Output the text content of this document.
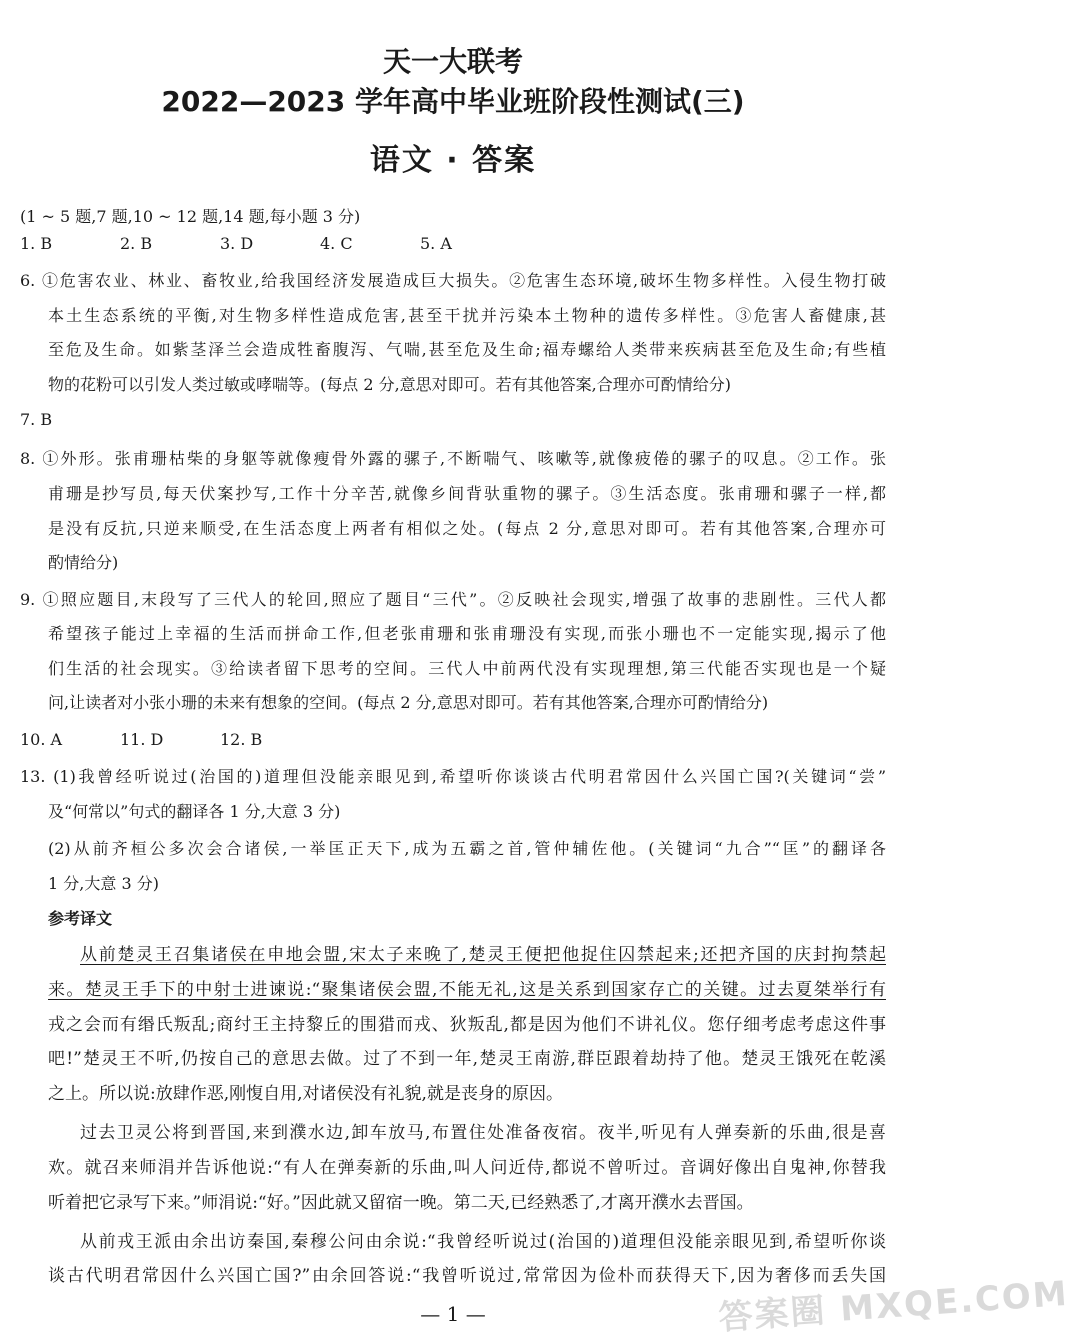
天一大联考
2022—2023 学年高中毕业班阶段性测试(三)
语文 · 答案
(1 ~ 5 题,7 题,10 ~ 12 题,14 题,每小题 3 分)
1. B	2. B	3. D	4. C	5. A
6. ①危害农业、林业、畜牧业,给我国经济发展造成巨大损失。②危害生态环境,破坏生物多样性。入侵生物打破
本土生态系统的平衡,对生物多样性造成危害,甚至干扰并污染本土物种的遗传多样性。③危害人畜健康,甚
至危及生命。如紫茎泽兰会造成牲畜腹泻、气喘,甚至危及生命;福寿螺给人类带来疾病甚至危及生命;有些植
物的花粉可以引发人类过敏或哮喘等。(每点 2 分,意思对即可。若有其他答案,合理亦可酌情给分)
7. B
8. ①外形。张甫珊枯柴的身躯等就像瘦骨外露的骡子,不断喘气、咳嗽等,就像疲倦的骡子的叹息。②工作。张
甫珊是抄写员,每天伏案抄写,工作十分辛苦,就像乡间背驮重物的骡子。③生活态度。张甫珊和骡子一样,都
是没有反抗,只逆来顺受,在生活态度上两者有相似之处。(每点 2 分,意思对即可。若有其他答案,合理亦可
酌情给分)
9. ①照应题目,末段写了三代人的轮回,照应了题目“三代”。②反映社会现实,增强了故事的悲剧性。三代人都
希望孩子能过上幸福的生活而拼命工作,但老张甫珊和张甫珊没有实现,而张小珊也不一定能实现,揭示了他
们生活的社会现实。③给读者留下思考的空间。三代人中前两代没有实现理想,第三代能否实现也是一个疑
问,让读者对小张小珊的未来有想象的空间。(每点 2 分,意思对即可。若有其他答案,合理亦可酌情给分)
10. A	11. D	12. B
13. (1)我曾经听说过(治国的)道理但没能亲眼见到,希望听你谈谈古代明君常因什么兴国亡国?(关键词“尝”
及“何常以”句式的翻译各 1 分,大意 3 分)
(2)从前齐桓公多次会合诸侯,一举匡正天下,成为五霸之首,管仲辅佐他。(关键词“九合”“匡”的翻译各
1 分,大意 3 分)
参考译文
从前楚灵王召集诸侯在申地会盟,宋太子来晚了,楚灵王便把他捉住囚禁起来;还把齐国的庆封拘禁起
来。楚灵王手下的中射士进谏说:“聚集诸侯会盟,不能无礼,这是关系到国家存亡的关键。过去夏桀举行有
戎之会而有缗氏叛乱;商纣王主持黎丘的围猎而戎、狄叛乱,都是因为他们不讲礼仪。您仔细考虑考虑这件事
吧!”楚灵王不听,仍按自己的意思去做。过了不到一年,楚灵王南游,群臣跟着劫持了他。楚灵王饿死在乾溪
之上。所以说:放肆作恶,刚愎自用,对诸侯没有礼貌,就是丧身的原因。
过去卫灵公将到晋国,来到濮水边,卸车放马,布置住处准备夜宿。夜半,听见有人弹奏新的乐曲,很是喜
欢。就召来师涓并告诉他说:“有人在弹奏新的乐曲,叫人问近侍,都说不曾听过。音调好像出自鬼神,你替我
听着把它录写下来。”师涓说:“好。”因此就又留宿一晚。第二天,已经熟悉了,才离开濮水去晋国。
从前戎王派由余出访秦国,秦穆公问由余说:“我曾经听说过(治国的)道理但没能亲眼见到,希望听你谈
谈古代明君常因什么兴国亡国?”由余回答说:“我曾听说过,常常因为俭朴而获得天下,因为奢侈而丢失国
— 1 —	答案圈 MXQE.COM
